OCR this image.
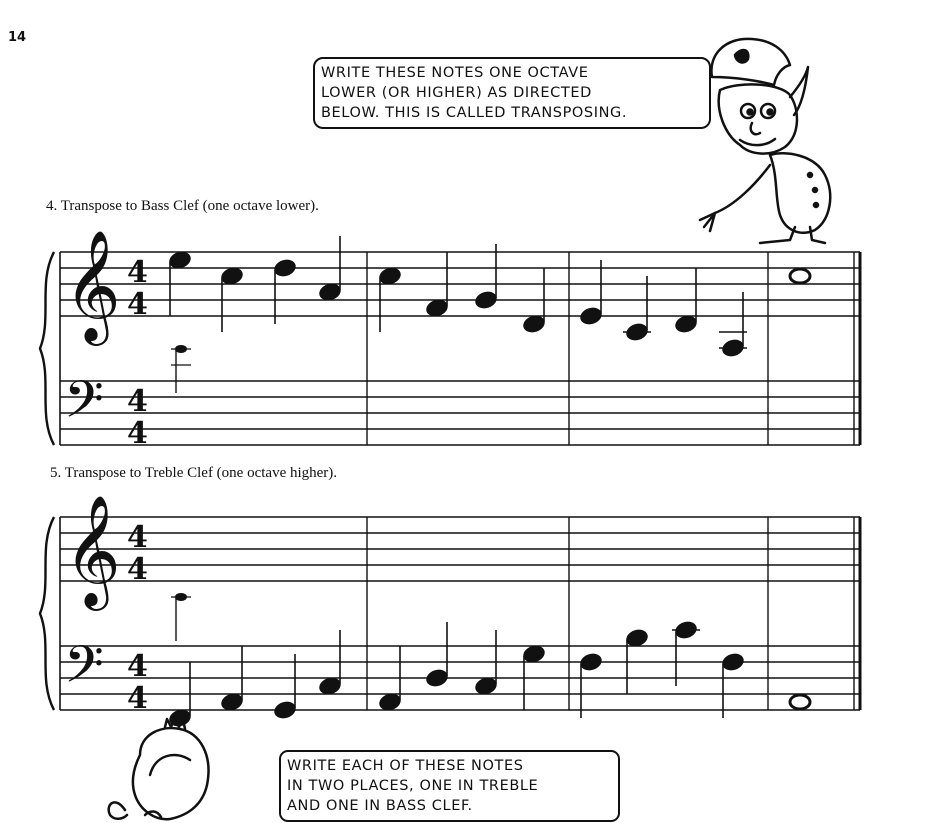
14
WRITE THESE NOTES ONE OCTAVE
LOWER (OR HIGHER) AS DIRECTED
BELOW. THIS IS CALLED TRANSPOSING.
WRITE EACH OF THESE NOTES
IN TWO PLACES, ONE IN TREBLE
AND ONE IN BASS CLEF.
4. Transpose to Bass Clef (one octave lower).
5. Transpose to Treble Clef (one octave higher).
𝄞
𝄢
𝄞
𝄢
4
4
4
4
4
4
4
4
